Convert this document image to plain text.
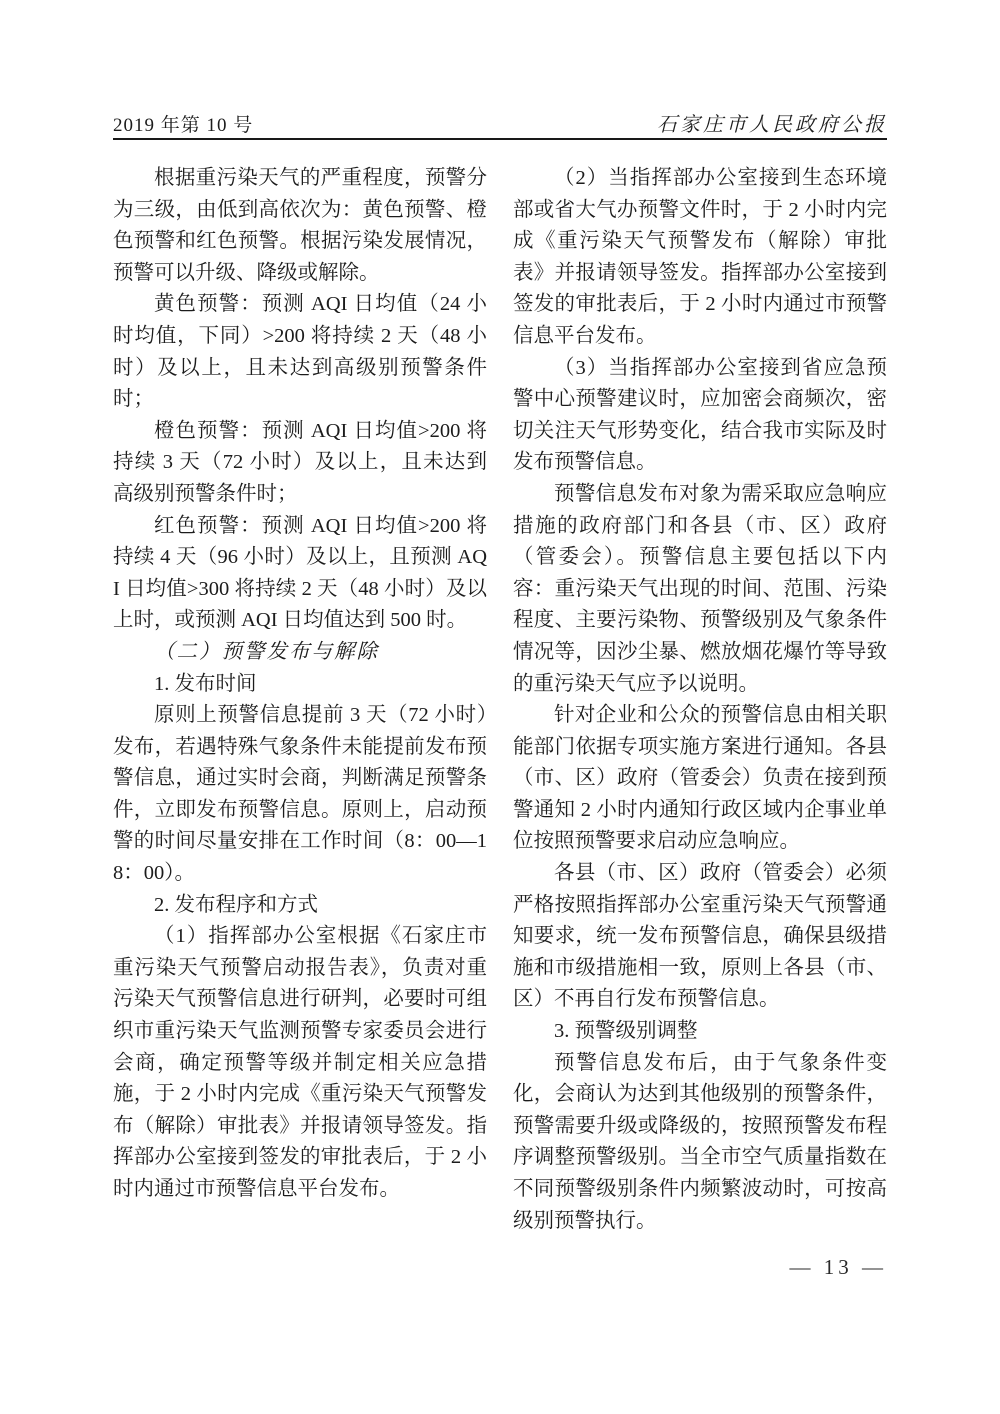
2019 年第 10 号	石家庄市人民政府公报

根据重污染天气的严重程度，预警分为三级，由低到高依次为：黄色预警、橙色预警和红色预警。根据污染发展情况，预警可以升级、降级或解除。

黄色预警：预测 AQI 日均值（24 小时均值，下同）>200 将持续 2 天（48 小时）及以上，且未达到高级别预警条件时；

橙色预警：预测 AQI 日均值>200 将持续 3 天（72 小时）及以上，且未达到高级别预警条件时；

红色预警：预测 AQI 日均值>200 将持续 4 天（96 小时）及以上，且预测 AQI 日均值>300 将持续 2 天（48 小时）及以上时，或预测 AQI 日均值达到 500 时。

（二）预警发布与解除

1. 发布时间

原则上预警信息提前 3 天（72 小时）发布，若遇特殊气象条件未能提前发布预警信息，通过实时会商，判断满足预警条件，立即发布预警信息。原则上，启动预警的时间尽量安排在工作时间（8：00—18：00）。

2. 发布程序和方式

（1）指挥部办公室根据《石家庄市重污染天气预警启动报告表》，负责对重污染天气预警信息进行研判，必要时可组织市重污染天气监测预警专家委员会进行会商，确定预警等级并制定相关应急措施，于 2 小时内完成《重污染天气预警发布（解除）审批表》并报请领导签发。指挥部办公室接到签发的审批表后，于 2 小时内通过市预警信息平台发布。

（2）当指挥部办公室接到生态环境部或省大气办预警文件时，于 2 小时内完成《重污染天气预警发布（解除）审批表》并报请领导签发。指挥部办公室接到签发的审批表后，于 2 小时内通过市预警信息平台发布。

（3）当指挥部办公室接到省应急预警中心预警建议时，应加密会商频次，密切关注天气形势变化，结合我市实际及时发布预警信息。

预警信息发布对象为需采取应急响应措施的政府部门和各县（市、区）政府（管委会）。预警信息主要包括以下内容：重污染天气出现的时间、范围、污染程度、主要污染物、预警级别及气象条件情况等，因沙尘暴、燃放烟花爆竹等导致的重污染天气应予以说明。

针对企业和公众的预警信息由相关职能部门依据专项实施方案进行通知。各县（市、区）政府（管委会）负责在接到预警通知 2 小时内通知行政区域内企事业单位按照预警要求启动应急响应。

各县（市、区）政府（管委会）必须严格按照指挥部办公室重污染天气预警通知要求，统一发布预警信息，确保县级措施和市级措施相一致，原则上各县（市、区）不再自行发布预警信息。

3. 预警级别调整

预警信息发布后，由于气象条件变化，会商认为达到其他级别的预警条件，预警需要升级或降级的，按照预警发布程序调整预警级别。当全市空气质量指数在不同预警级别条件内频繁波动时，可按高级别预警执行。

— 13 —
